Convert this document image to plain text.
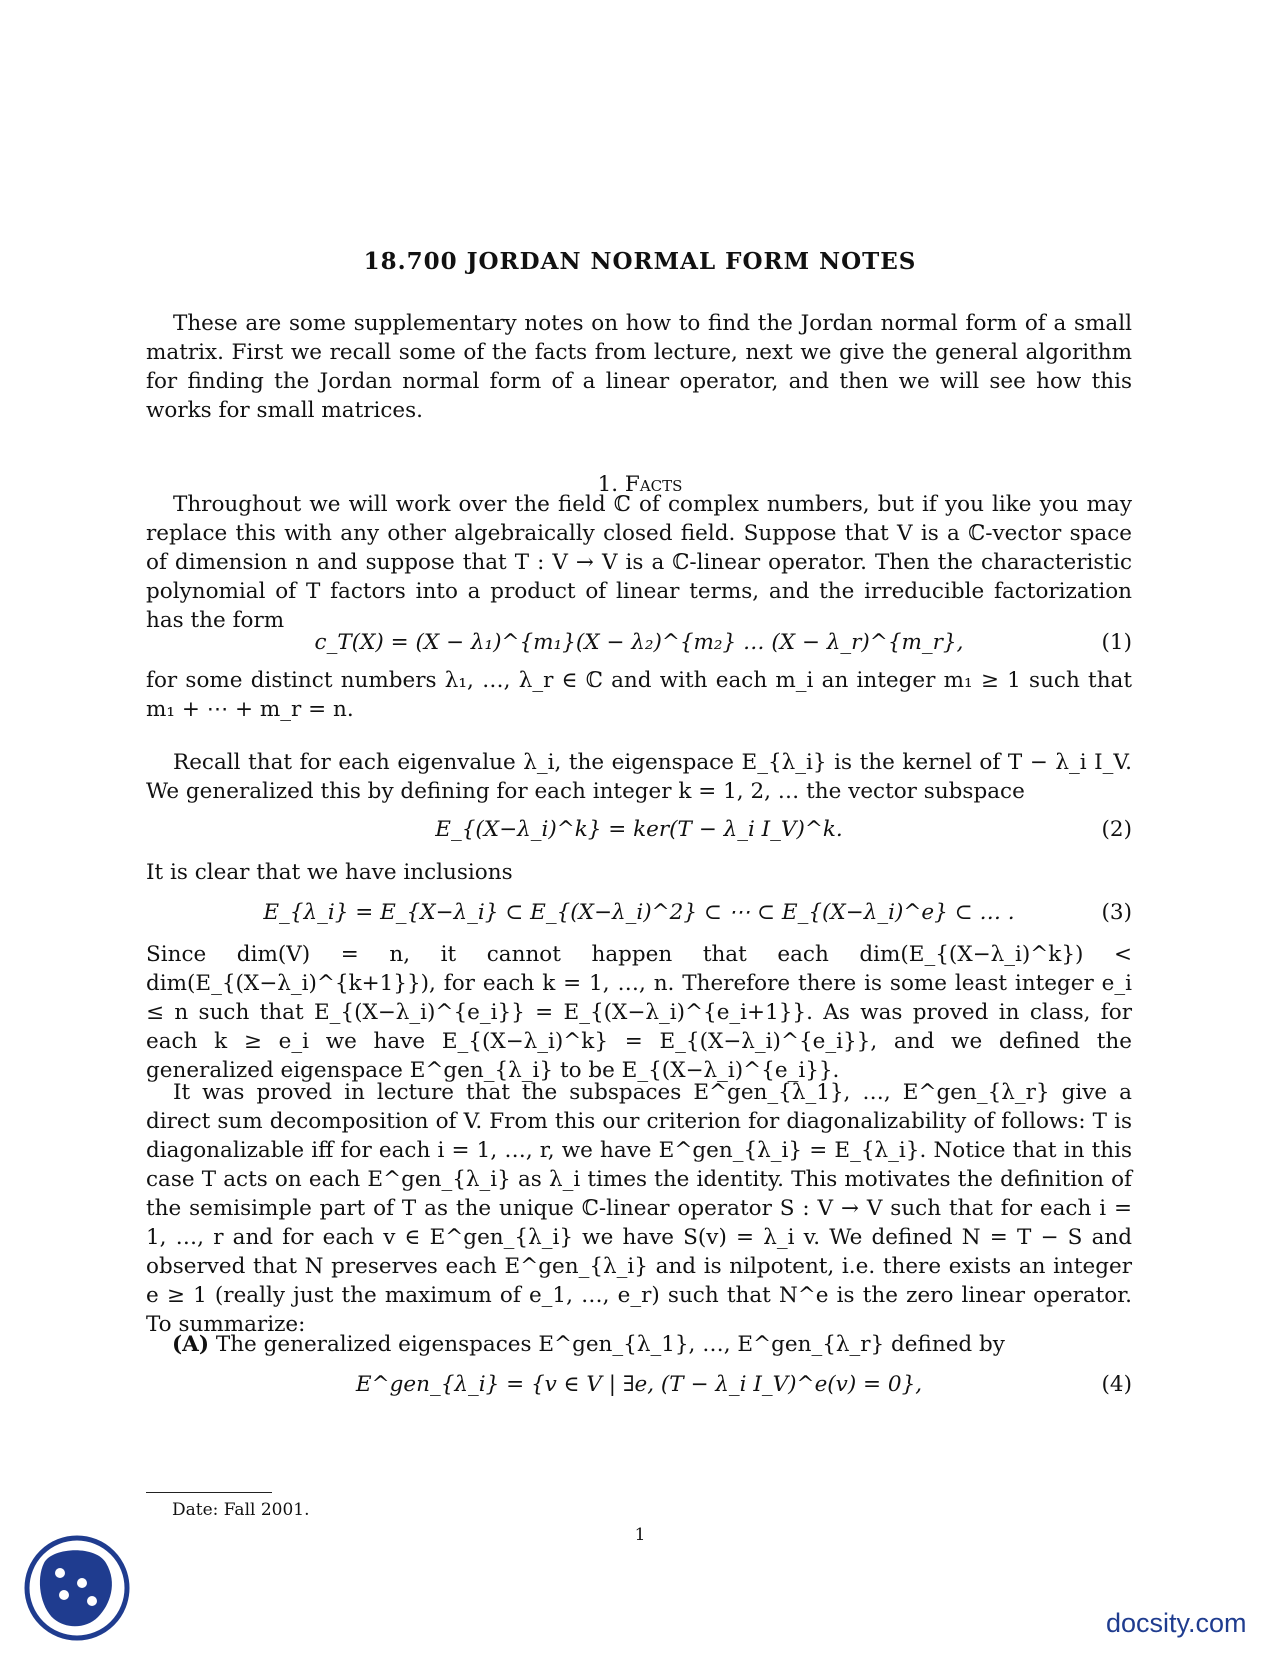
18.700 JORDAN NORMAL FORM NOTES
These are some supplementary notes on how to find the Jordan normal form of a small matrix. First we recall some of the facts from lecture, next we give the general algorithm for finding the Jordan normal form of a linear operator, and then we will see how this works for small matrices.
1. Facts
Throughout we will work over the field ℂ of complex numbers, but if you like you may replace this with any other algebraically closed field. Suppose that V is a ℂ-vector space of dimension n and suppose that T : V → V is a ℂ-linear operator. Then the characteristic polynomial of T factors into a product of linear terms, and the irreducible factorization has the form
c_T(X) = (X − λ₁)^{m₁}(X − λ₂)^{m₂} … (X − λ_r)^{m_r},	(1)
for some distinct numbers λ₁, …, λ_r ∈ ℂ and with each m_i an integer m₁ ≥ 1 such that m₁ + ⋯ + m_r = n.
Recall that for each eigenvalue λ_i, the eigenspace E_{λ_i} is the kernel of T − λ_i I_V. We generalized this by defining for each integer k = 1, 2, … the vector subspace
E_{(X−λ_i)^k} = ker(T − λ_i I_V)^k.	(2)
It is clear that we have inclusions
E_{λ_i} = E_{X−λ_i} ⊂ E_{(X−λ_i)^2} ⊂ ⋯ ⊂ E_{(X−λ_i)^e} ⊂ … .	(3)
Since dim(V) = n, it cannot happen that each dim(E_{(X−λ_i)^k}) < dim(E_{(X−λ_i)^{k+1}}), for each k = 1, …, n. Therefore there is some least integer e_i ≤ n such that E_{(X−λ_i)^{e_i}} = E_{(X−λ_i)^{e_i+1}}. As was proved in class, for each k ≥ e_i we have E_{(X−λ_i)^k} = E_{(X−λ_i)^{e_i}}, and we defined the generalized eigenspace E^gen_{λ_i} to be E_{(X−λ_i)^{e_i}}.
It was proved in lecture that the subspaces E^gen_{λ_1}, …, E^gen_{λ_r} give a direct sum decomposition of V. From this our criterion for diagonalizability of follows: T is diagonalizable iff for each i = 1, …, r, we have E^gen_{λ_i} = E_{λ_i}. Notice that in this case T acts on each E^gen_{λ_i} as λ_i times the identity. This motivates the definition of the semisimple part of T as the unique ℂ-linear operator S : V → V such that for each i = 1, …, r and for each v ∈ E^gen_{λ_i} we have S(v) = λ_i v. We defined N = T − S and observed that N preserves each E^gen_{λ_i} and is nilpotent, i.e. there exists an integer e ≥ 1 (really just the maximum of e_1, …, e_r) such that N^e is the zero linear operator. To summarize:
(A) The generalized eigenspaces E^gen_{λ_1}, …, E^gen_{λ_r} defined by
E^gen_{λ_i} = {v ∈ V | ∃e, (T − λ_i I_V)^e(v) = 0},	(4)
Date: Fall 2001.
1
docsity.com
